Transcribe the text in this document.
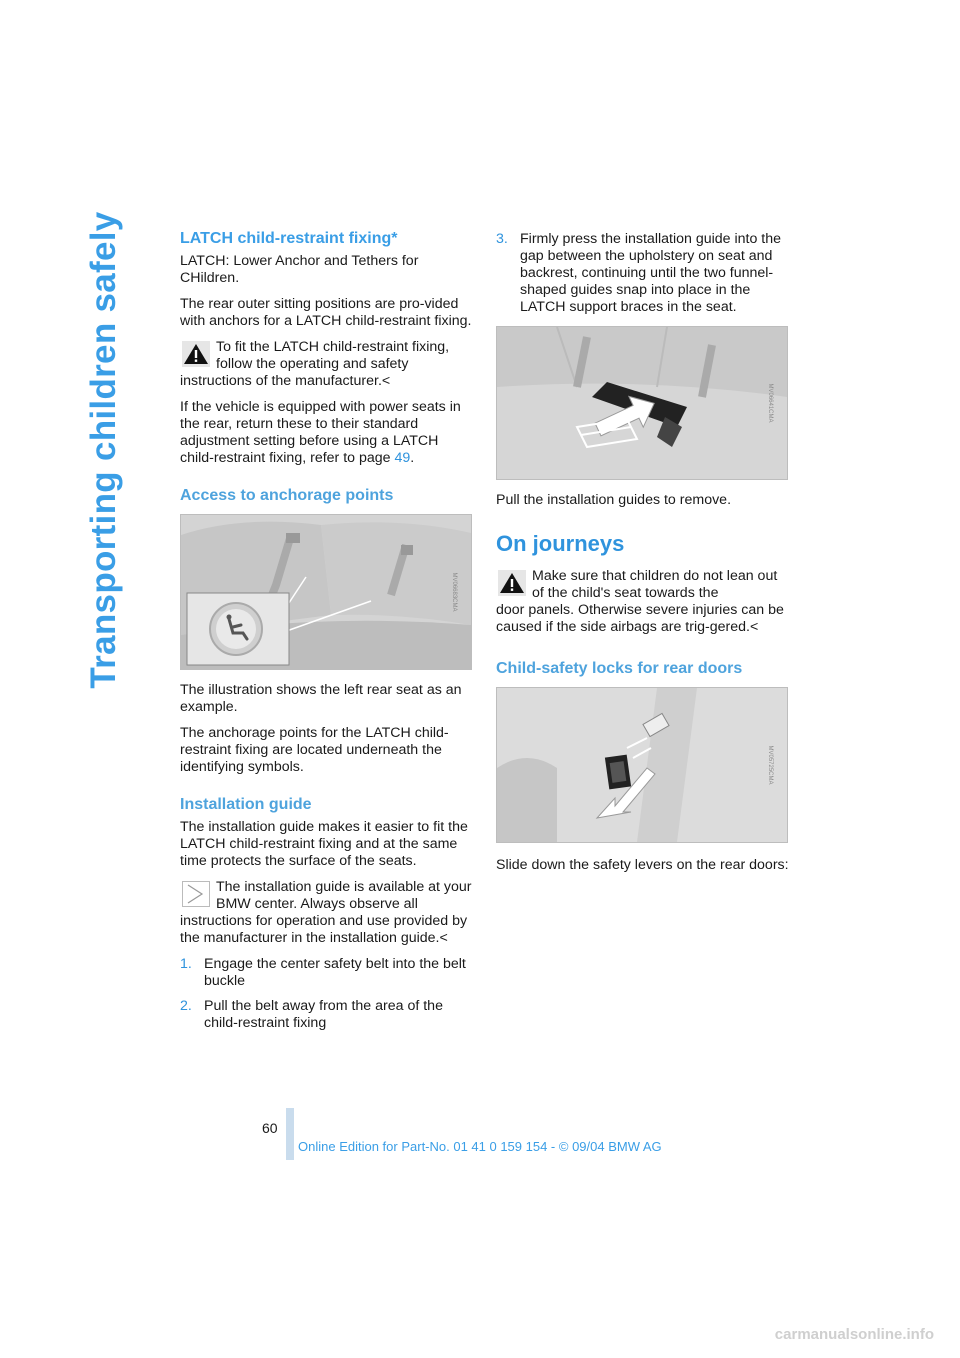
Transporting children safely	LATCH child-restraint fixing*

LATCH: Lower Anchor and Tethers for CHildren.

The rear outer sitting positions are pro-vided with anchors for a LATCH child-restraint fixing.

To fit the LATCH child-restraint fixing, follow the operating and safety
instructions of the manufacturer.<

If the vehicle is equipped with power seats in the rear, return these to their standard adjustment setting before using a LATCH child-restraint fixing, refer to page 49.

Access to anchorage points
MV06683CMA

The illustration shows the left rear seat as an example.

The anchorage points for the LATCH child-restraint fixing are located underneath the identifying symbols.

Installation guide

The installation guide makes it easier to fit the LATCH child-restraint fixing and at the same time protects the surface of the seats.

The installation guide is available at your BMW center. Always observe all
instructions for operation and use provided by the manufacturer in the installation guide.<
1. Engage the center safety belt into the belt buckle
2. Pull the belt away from the area of the child-restraint fixing
3. Firmly press the installation guide into the gap between the upholstery on seat and backrest, continuing until the two funnel-shaped guides snap into place in the LATCH support braces in the seat.
MV06641CMA

Pull the installation guides to remove.

On journeys
Make sure that children do not lean out of the child's seat towards the
door panels. Otherwise severe injuries can be caused if the side airbags are trig-gered.<
Child-safety locks for rear doors
MV05725CMA

Slide down the safety levers on the rear doors:

60
Online Edition for Part-No. 01 41 0 159 154 - © 09/04 BMW AG
carmanualsonline.info
